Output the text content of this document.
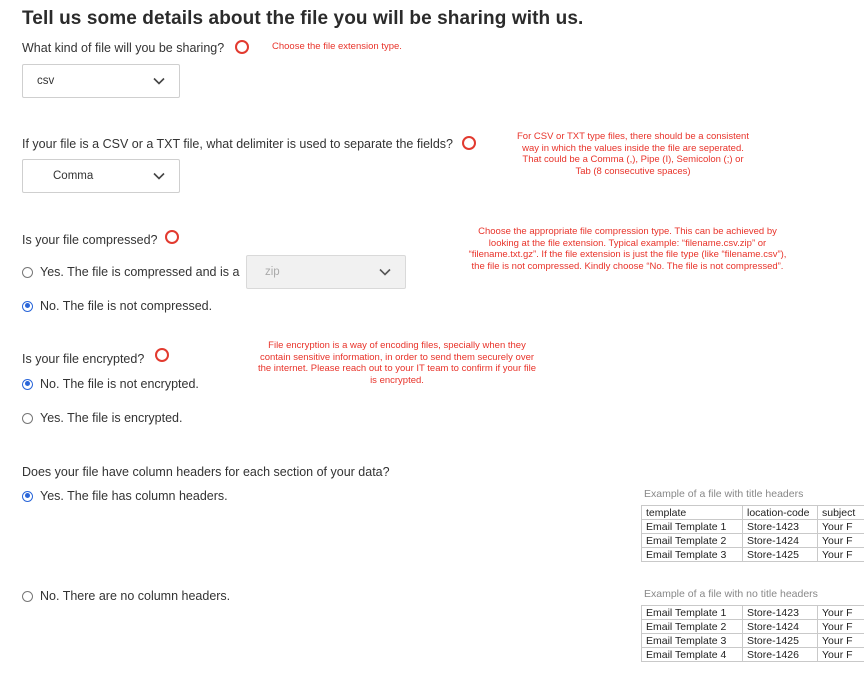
Tell us some details about the file you will be sharing with us.
What kind of file will you be sharing?	Choose the file extension type.
csv
If your file is a CSV or a TXT file, what delimiter is used to separate the fields?
For CSV or TXT type files, there should be a consistent
way in which the values inside the file are seperated.
That could be a Comma (,), Pipe (I), Semicolon (;) or
Tab (8 consecutive spaces)
Comma
Is your file compressed?
Choose the appropriate file compression type. This can be achieved by
looking at the file extension. Typical example: “filename.csv.zip” or
“filename.txt.gz”. If the file extension is just the file type (like “filename.csv”),
the file is not compressed. Kindly choose “No. The file is not compressed”.
Yes. The file is compressed and is a zip
No. The file is not compressed.
Is your file encrypted?
File encryption is a way of encoding files, specially when they
contain sensitive information, in order to send them securely over
the internet. Please reach out to your IT team to confirm if your file
is encrypted.
No. The file is not encrypted.
Yes. The file is encrypted.
Does your file have column headers for each section of your data?
Yes. The file has column headers.
No. There are no column headers.
Example of a file with title headers
template	location-code	subject
Email Template 1	Store-1423	Your F
Email Template 2	Store-1424	Your F
Email Template 3	Store-1425	Your F
Example of a file with no title headers
Email Template 1	Store-1423	Your F
Email Template 2	Store-1424	Your F
Email Template 3	Store-1425	Your F
Email Template 4	Store-1426	Your F
